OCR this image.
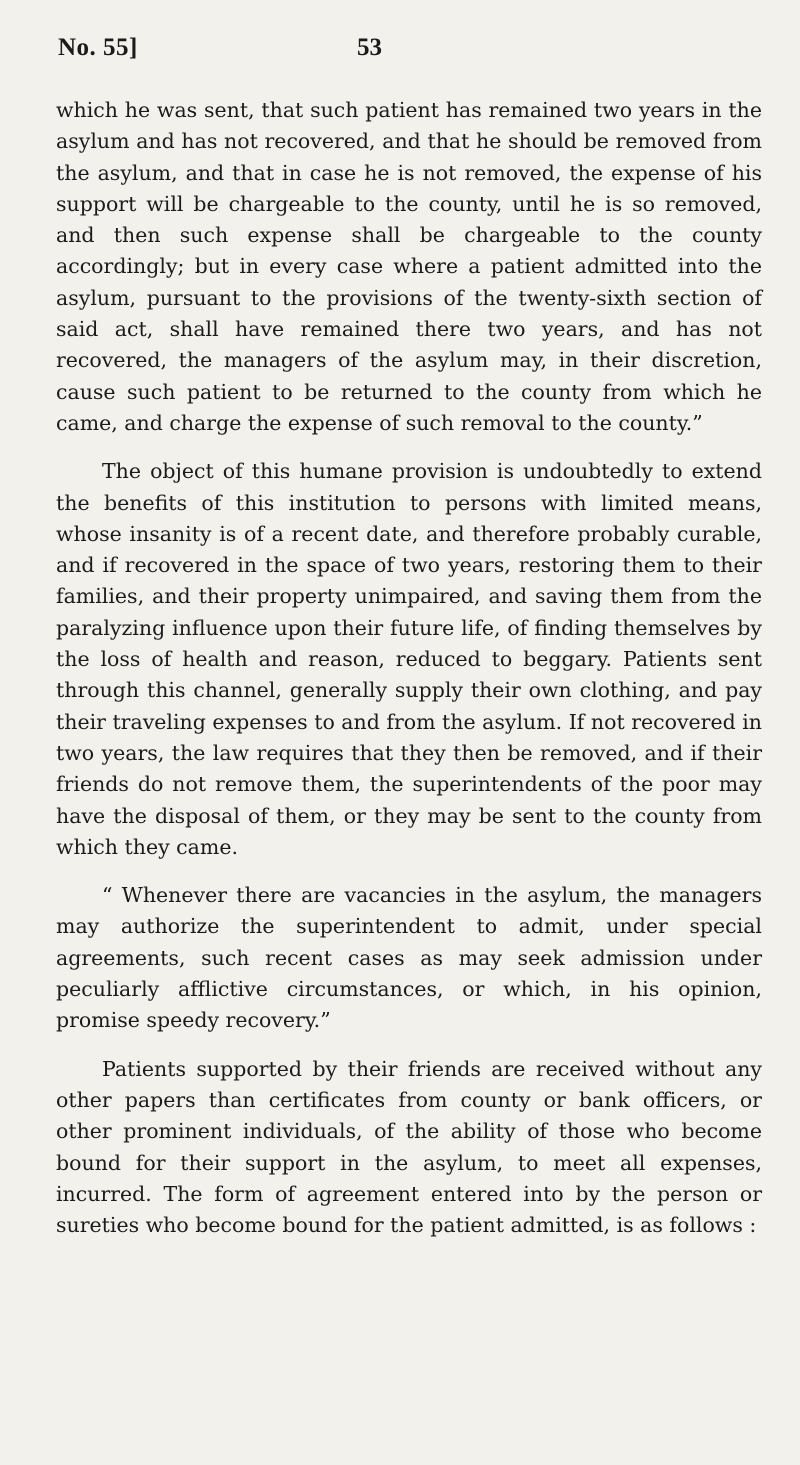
No. 55]	53

which he was sent, that such patient has remained two years in the asylum and has not recovered, and that he should be removed from the asylum, and that in case he is not removed, the expense of his support will be chargeable to the county, until he is so removed, and then such expense shall be chargeable to the county accordingly; but in every case where a patient admitted into the asylum, pursuant to the provisions of the twenty-sixth section of said act, shall have remained there two years, and has not recovered, the managers of the asylum may, in their discretion, cause such patient to be returned to the county from which he came, and charge the expense of such removal to the county.”

The object of this humane provision is undoubtedly to extend the benefits of this institution to persons with limited means, whose insanity is of a recent date, and therefore probably curable, and if recovered in the space of two years, restoring them to their families, and their property unimpaired, and saving them from the paralyzing influence upon their future life, of finding themselves by the loss of health and reason, reduced to beggary. Patients sent through this channel, generally supply their own clothing, and pay their traveling expenses to and from the asylum. If not recovered in two years, the law requires that they then be removed, and if their friends do not remove them, the superintendents of the poor may have the disposal of them, or they may be sent to the county from which they came.

“ Whenever there are vacancies in the asylum, the managers may authorize the superintendent to admit, under special agreements, such recent cases as may seek admission under peculiarly afflictive circumstances, or which, in his opinion, promise speedy recovery.”

Patients supported by their friends are received without any other papers than certificates from county or bank officers, or other prominent individuals, of the ability of those who become bound for their support in the asylum, to meet all expenses, incurred. The form of agreement entered into by the person or sureties who become bound for the patient admitted, is as follows :
